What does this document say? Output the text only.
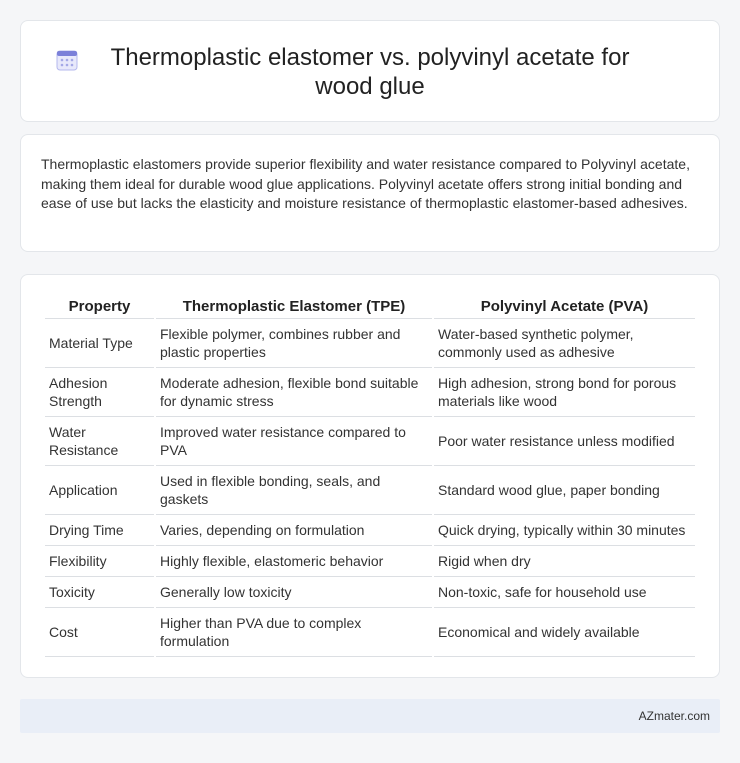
Thermoplastic elastomer vs. polyvinyl acetate for wood glue

Thermoplastic elastomers provide superior flexibility and water resistance compared to Polyvinyl acetate, making them ideal for durable wood glue applications. Polyvinyl acetate offers strong initial bonding and ease of use but lacks the elasticity and moisture resistance of thermoplastic elastomer-based adhesives.

Property	Thermoplastic Elastomer (TPE)	Polyvinyl Acetate (PVA)
Material Type	Flexible polymer, combines rubber and plastic properties	Water-based synthetic polymer, commonly used as adhesive
Adhesion Strength	Moderate adhesion, flexible bond suitable for dynamic stress	High adhesion, strong bond for porous materials like wood
Water Resistance	Improved water resistance compared to PVA	Poor water resistance unless modified
Application	Used in flexible bonding, seals, and gaskets	Standard wood glue, paper bonding
Drying Time	Varies, depending on formulation	Quick drying, typically within 30 minutes
Flexibility	Highly flexible, elastomeric behavior	Rigid when dry
Toxicity	Generally low toxicity	Non-toxic, safe for household use
Cost	Higher than PVA due to complex formulation	Economical and widely available
AZmater.com
